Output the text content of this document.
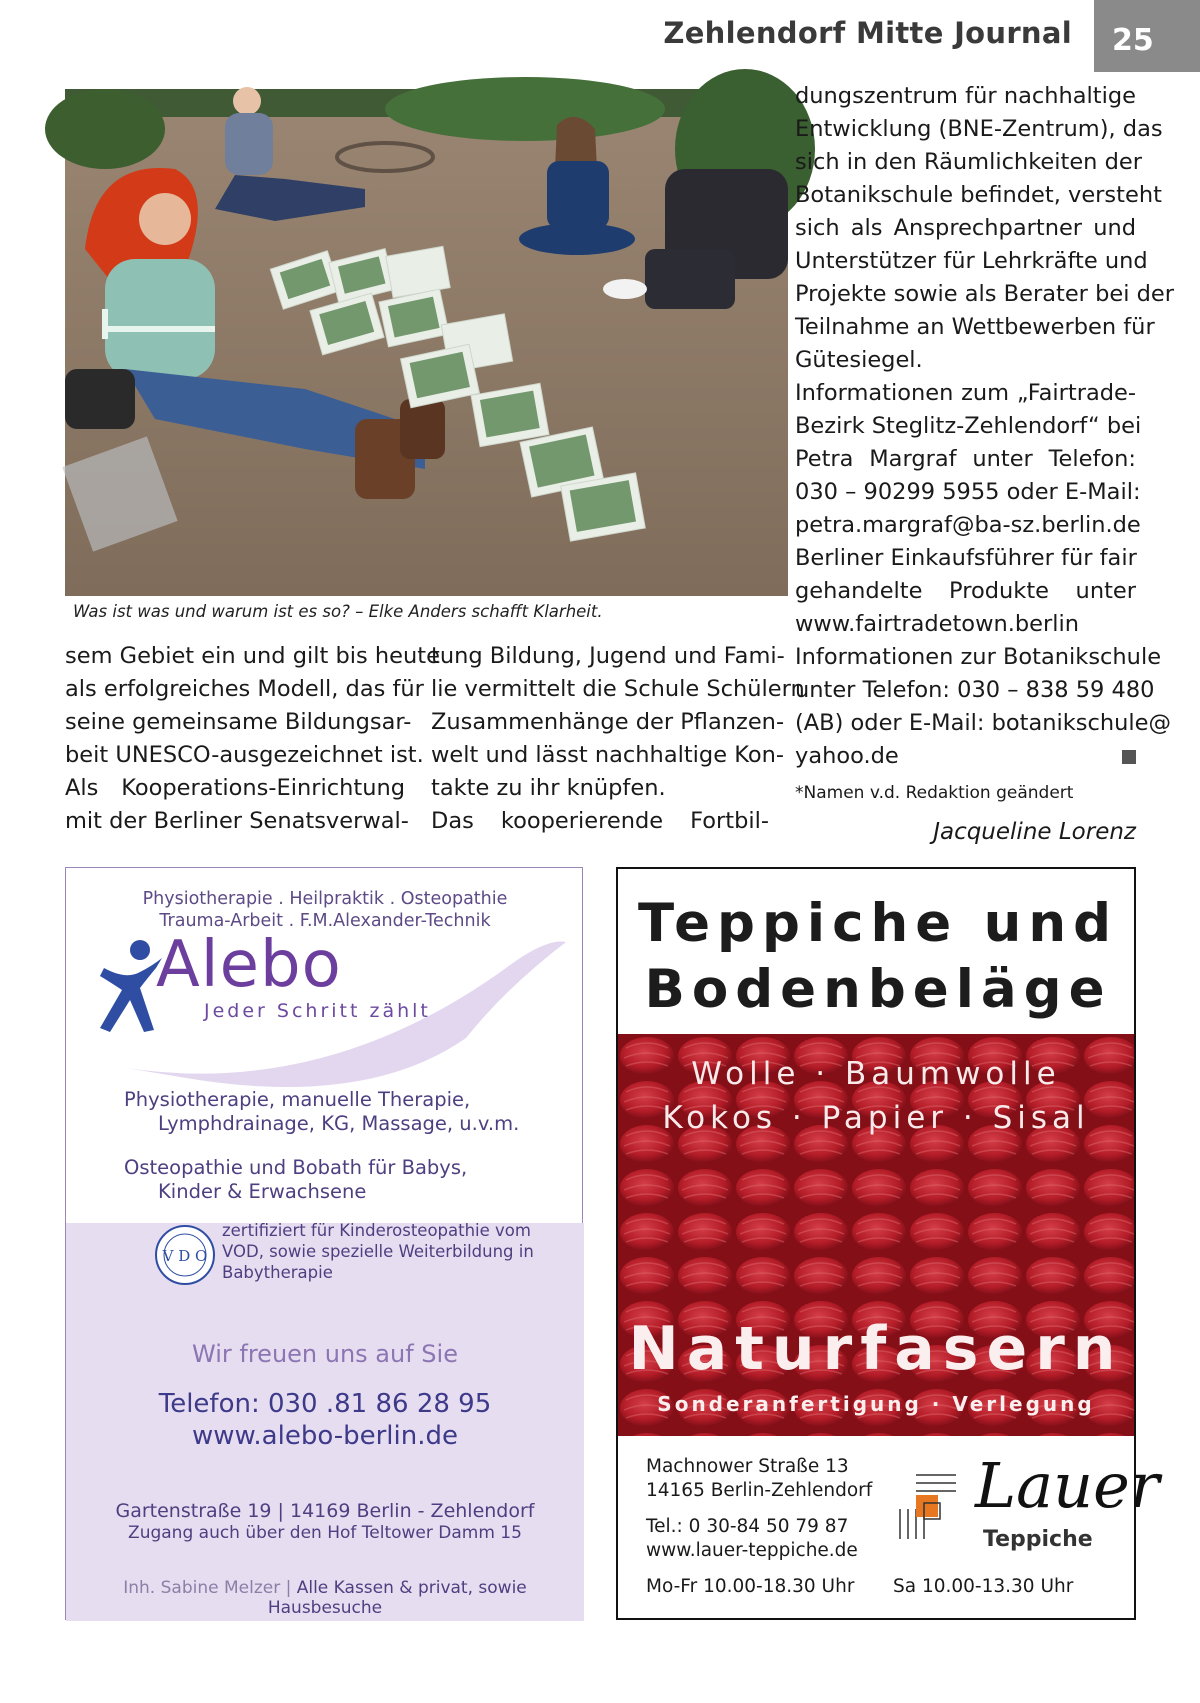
Zehlendorf Mitte Journal	25
Was ist was und warum ist es so? – Elke Anders schafft Klarheit.
sem Gebiet ein und gilt bis heute
als erfolgreiches Modell, das für
seine gemeinsame Bildungsar-
beit UNESCO-ausgezeichnet ist.
Als Kooperations-Einrichtung
mit der Berliner Senatsverwal-
tung Bildung, Jugend und Fami-
lie vermittelt die Schule Schülern
Zusammenhänge der Pflanzen-
welt und lässt nachhaltige Kon-
takte zu ihr knüpfen.
Das kooperierende Fortbil-
dungszentrum für nachhaltige
Entwicklung (BNE-Zentrum), das
sich in den Räumlichkeiten der
Botanikschule befindet, versteht
sich als Ansprechpartner und
Unterstützer für Lehrkräfte und
Projekte sowie als Berater bei der
Teilnahme an Wettbewerben für
Gütesiegel.
Informationen zum „Fairtrade-
Bezirk Steglitz-Zehlendorf“ bei
Petra Margraf unter Telefon:
030 – 90299 5955 oder E-Mail:
petra.margraf@ba-sz.berlin.de
Berliner Einkaufsführer für fair
gehandelte Produkte unter
www.fairtradetown.berlin
Informationen zur Botanikschule
unter Telefon: 030 – 838 59 480
(AB) oder E-Mail: botanikschule@
yahoo.de
*Namen v.d. Redaktion geändert
Jacqueline Lorenz
Physiotherapie . Heilpraktik . Osteopathie
Trauma-Arbeit . F.M.Alexander-Technik
Alebo
Jeder Schritt zählt
Physiotherapie, manuelle Therapie,
Lymphdrainage, KG, Massage, u.v.m.
Osteopathie und Bobath für Babys,
Kinder & Erwachsene
V D O
zertifiziert für Kinderosteopathie vom
VOD, sowie spezielle Weiterbildung in
Babytherapie
Wir freuen uns auf Sie
Telefon: 030 .81 86 28 95
www.alebo-berlin.de
Gartenstraße 19 | 14169 Berlin - Zehlendorf
Zugang auch über den Hof Teltower Damm 15
Inh. Sabine Melzer | Alle Kassen & privat, sowie Hausbesuche
Teppiche und
Bodenbeläge
Wolle · Baumwolle
Kokos · Papier · Sisal
Naturfasern
Sonderanfertigung · Verlegung
Machnower Straße 13
14165 Berlin-Zehlendorf
Tel.: 0 30-84 50 79 87
www.lauer-teppiche.de
Mo-Fr 10.00-18.30 Uhr Sa 10.00-13.30 Uhr
Lauer
Teppiche
